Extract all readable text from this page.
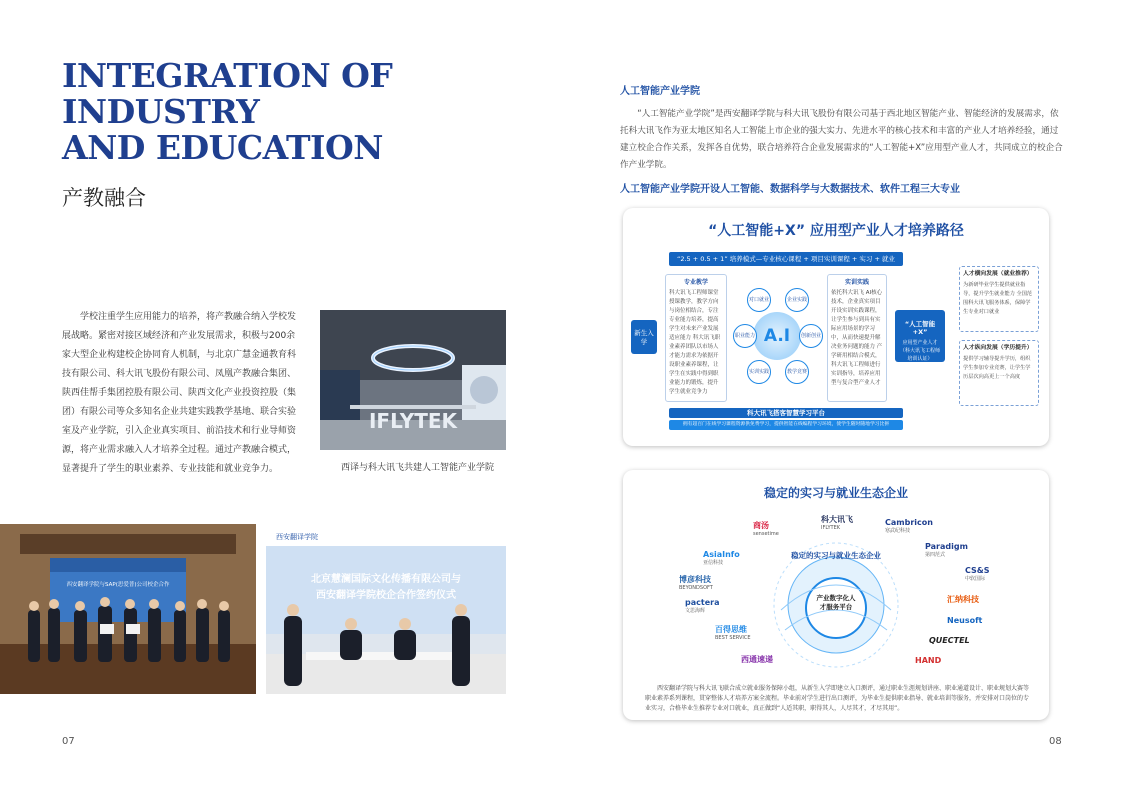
INTEGRATION OF
INDUSTRY
AND EDUCATION
产教融合

学校注重学生应用能力的培养，将产教融合纳入学校发展战略。紧密对接区域经济和产业发展需求，积极与200余家大型企业构建校企协同育人机制，与北京广慧金通教育科技有限公司、科大讯飞股份有限公司、凤凰产教融合集团、陕西佳帮手集团控股有限公司、陕西文化产业投资控股（集团）有限公司等众多知名企业共建实践教学基地、联合实验室及产业学院，引入企业真实项目、前沿技术和行业导师资源，将产业需求融入人才培养全过程。通过产教融合模式，显著提升了学生的职业素养、专业技能和就业竞争力。

IFLYTEK
西译与科大讯飞共建人工智能产业学院
西安翻译学院与SAP(思爱普)公司校企合作
西安翻译学院
北京慧澜国际文化传播有限公司与
西安翻译学院校企合作签约仪式
07
人工智能产业学院

“人工智能产业学院”是西安翻译学院与科大讯飞股份有限公司基于西北地区智能产业、智能经济的发展需求，依托科大讯飞作为亚太地区知名人工智能上市企业的强大实力、先进水平的核心技术和丰富的产业人才培养经验，通过建立校企合作关系，发挥各自优势，联合培养符合企业发展需求的“人工智能+X”应用型产业人才，共同成立的校企合作产业学院。

人工智能产业学院开设人工智能、数据科学与大数据技术、软件工程三大专业
“人工智能+X” 应用型产业人才培养路径
“2.5 + 0.5 + 1” 培养模式—专业核心课程 + 项目实训课程 + 实习 + 就业
新生入学
专业教学
科大讯飞工程师课堂授课教学，教学方向与岗位相结合，专注专业能力培养，提高学生对未来产业发展适应能力 科大讯飞职业素养团队以市场人才能力需求为依据开设职业素养课程，让学生在实践中得到职业能力的锻炼，提升学生就业竞争力
实训实践
依托科大讯飞 AI核心技术，企业真实项目开设实训实践课程，让学生参与到具有实际应用场景的学习中，从而快速提升解决业务问题的能力 产学研用相结合模式，科大讯飞工程师进行实训指导，培养应用型与复合型产业人才
A.I
对口就业	企业实践
创新创业
教学竞赛
实训实践
职业能力
“人工智能+X”
应用型产业人才（科大讯飞工程师培训认证）
人才横向发展（就业推荐）
为新研毕业学生提供就业指导，提升学生就业能力 全国范围科大讯飞服务体系，保障学生专业对口就业
人才纵向发展（学历提升）
提供学习辅导提升学历，组织学生参加专业竞赛，让学生学历层次向高更上一个高度
科大讯飞搭客智慧学习平台
拥有超百门在线学习课程资源供免费学习，提供智能在线编程学习环境，使学生随时随地学习比拼
稳定的实习与就业生态企业
稳定的实习与就业生态企业
产业数字化人才服务平台
商汤
sensetime
科大讯飞
IFLYTEK
Cambricon
寒武纪科技
AsiaInfo
亚信科技
Paradigm
第四范式
博彦科技
BEYONDSOFT
CS&S
中软国际
pactera
文思海辉
汇纳科技
百得思维
BEST SERVICE
Neusoft
QUECTEL
西通速递	HAND

西安翻译学院与科大讯飞联合成立就业服务保障小组，从新生入学即建立入口测评，通过职业生涯规划讲座、职业通道设计、职业规划大赛等职业素养系列课程，贯穿整体人才培养方案全流程。毕业前对学生进行出口测评，为毕业生提供职业指导、就业培训等服务，并安排对口岗位的专业实习，合格毕业生推荐专业对口就业，真正做到“人适其职，职得其人，人尽其才，才尽其用”。

08
